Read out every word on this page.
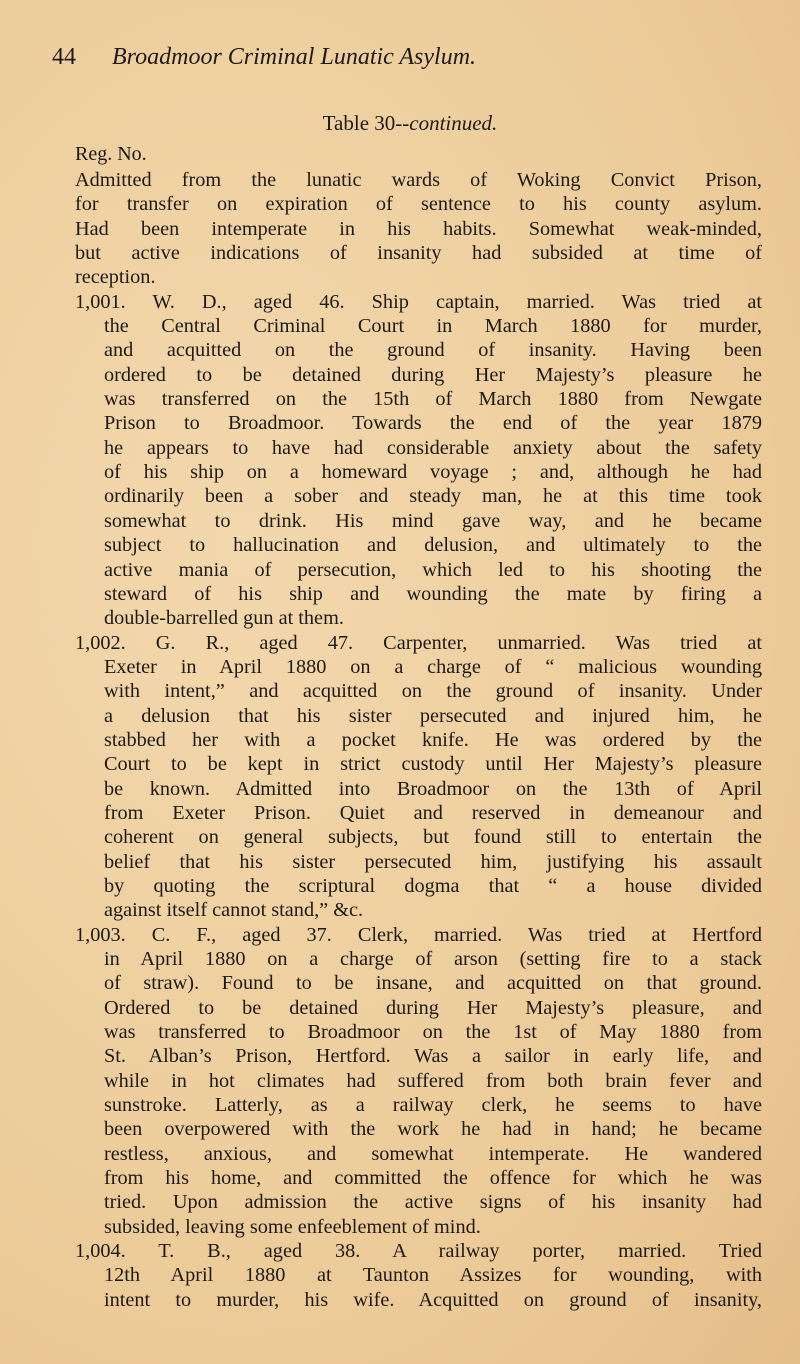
44 Broadmoor Criminal Lunatic Asylum.
Table 30--continued.
Reg. No.
Admitted from the lunatic wards of Woking Convict Prison,
for transfer on expiration of sentence to his county asylum.
Had been intemperate in his habits. Somewhat weak-minded,
but active indications of insanity had subsided at time of
reception.
1,001. W. D., aged 46. Ship captain, married. Was tried at
the Central Criminal Court in March 1880 for murder,
and acquitted on the ground of insanity. Having been
ordered to be detained during Her Majesty’s pleasure he
was transferred on the 15th of March 1880 from Newgate
Prison to Broadmoor. Towards the end of the year 1879
he appears to have had considerable anxiety about the safety
of his ship on a homeward voyage ; and, although he had
ordinarily been a sober and steady man, he at this time took
somewhat to drink. His mind gave way, and he became
subject to hallucination and delusion, and ultimately to the
active mania of persecution, which led to his shooting the
steward of his ship and wounding the mate by firing a
double-barrelled gun at them.
1,002. G. R., aged 47. Carpenter, unmarried. Was tried at
Exeter in April 1880 on a charge of “ malicious wounding
with intent,” and acquitted on the ground of insanity. Under
a delusion that his sister persecuted and injured him, he
stabbed her with a pocket knife. He was ordered by the
Court to be kept in strict custody until Her Majesty’s pleasure
be known. Admitted into Broadmoor on the 13th of April
from Exeter Prison. Quiet and reserved in demeanour and
coherent on general subjects, but found still to entertain the
belief that his sister persecuted him, justifying his assault
by quoting the scriptural dogma that “ a house divided
against itself cannot stand,” &c.
1,003. C. F., aged 37. Clerk, married. Was tried at Hertford
in April 1880 on a charge of arson (setting fire to a stack
of straw). Found to be insane, and acquitted on that ground.
Ordered to be detained during Her Majesty’s pleasure, and
was transferred to Broadmoor on the 1st of May 1880 from
St. Alban’s Prison, Hertford. Was a sailor in early life, and
while in hot climates had suffered from both brain fever and
sunstroke. Latterly, as a railway clerk, he seems to have
been overpowered with the work he had in hand; he became
restless, anxious, and somewhat intemperate. He wandered
from his home, and committed the offence for which he was
tried. Upon admission the active signs of his insanity had
subsided, leaving some enfeeblement of mind.
1,004. T. B., aged 38. A railway porter, married. Tried
12th April 1880 at Taunton Assizes for wounding, with
intent to murder, his wife. Acquitted on ground of insanity,
